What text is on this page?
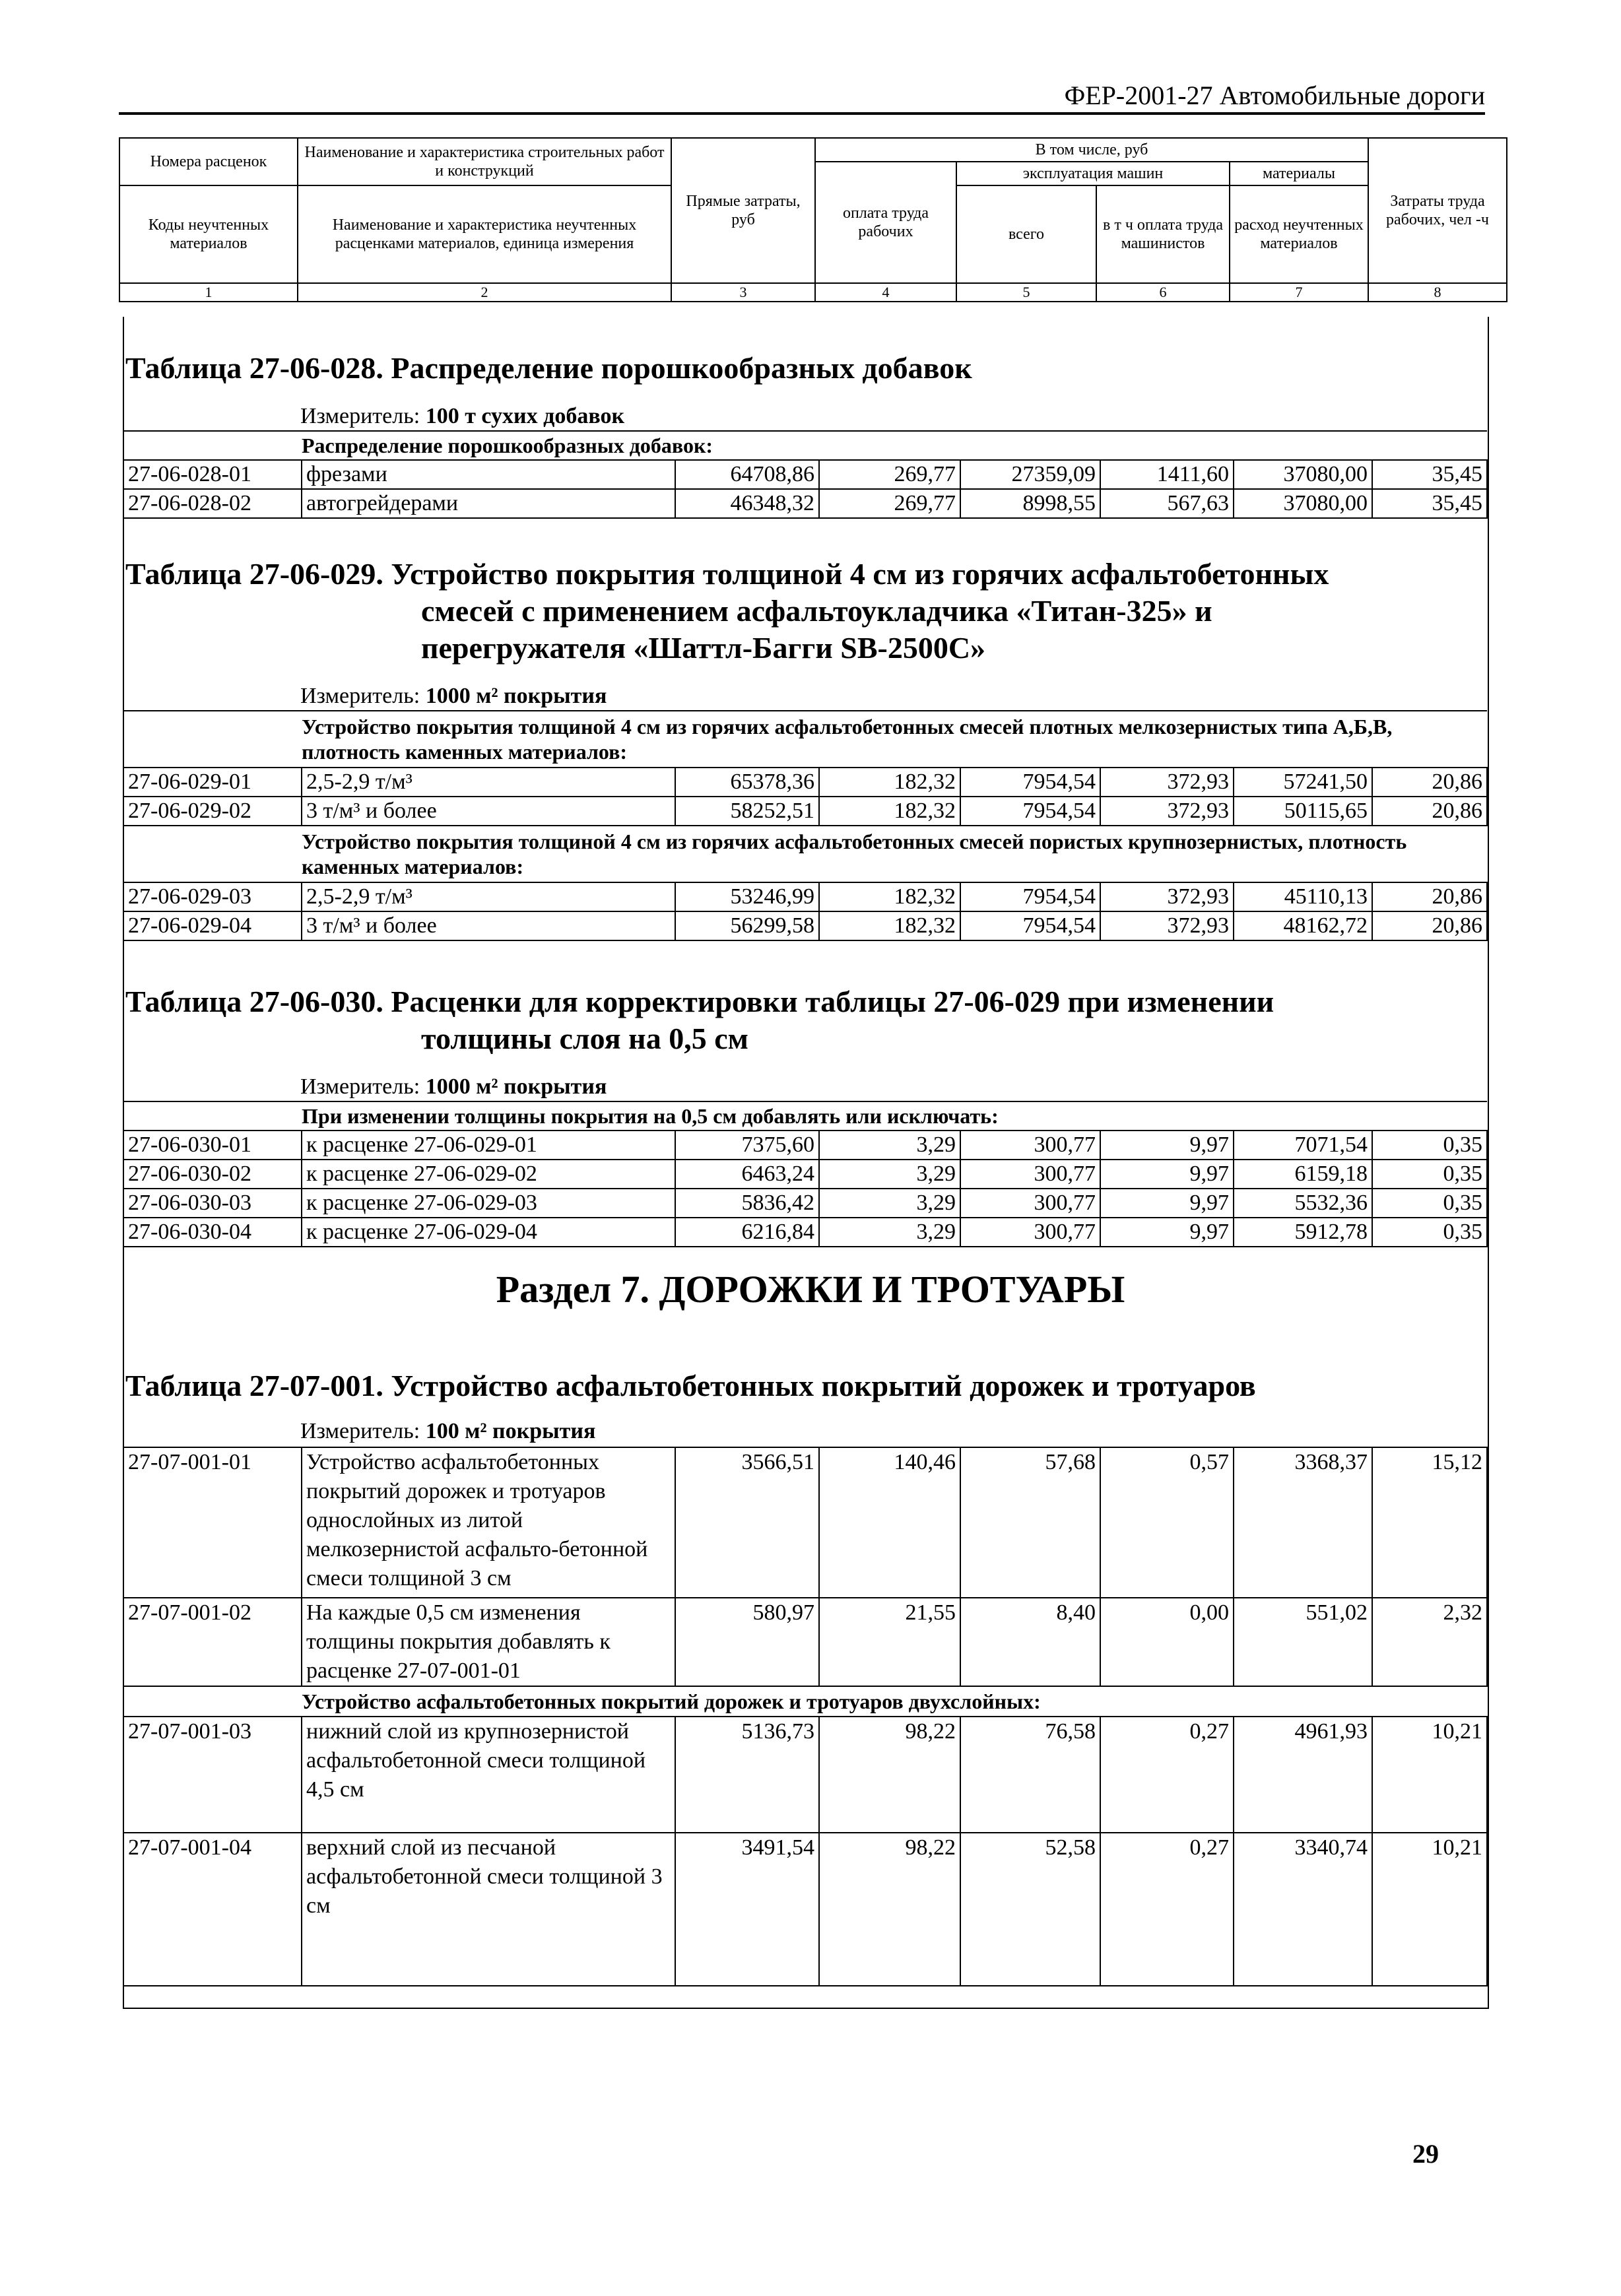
ФЕР-2001-27 Автомобильные дороги
Номера расценок	Наименование и характеристика строительных работ и конструкций	Прямые затраты, руб	В том числе, руб				Затраты труда рабочих, чел -ч
			оплата труда рабочих	эксплуатация машин		материалы	
Коды неучтенных материалов	Наименование и характеристика неучтенных расценками материалов, единица измерения			всего	в т ч оплата труда машинистов	расход неучтенных материалов	
1	2	3	4	5	6	7	8
Таблица 27-06-028. Распределение порошкообразных добавок
Измеритель: 100 т сухих добавок
Распределение порошкообразных добавок:							
27-06-028-01	фрезами	64708,86	269,77	27359,09	1411,60	37080,00	35,45
27-06-028-02	автогрейдерами	46348,32	269,77	8998,55	567,63	37080,00	35,45
Таблица 27-06-029. Устройство покрытия толщиной 4 см из горячих асфальтобетонных
смесей с применением асфальтоукладчика «Титан-325» и
перегружателя «Шаттл-Багги SB-2500C»
Измеритель: 1000 м² покрытия
Устройство покрытия толщиной 4 см из горячих асфальтобетонных смесей плотных мелкозернистых типа А,Б,В, плотность каменных материалов:							
27-06-029-01	2,5-2,9 т/м³	65378,36	182,32	7954,54	372,93	57241,50	20,86
27-06-029-02	3 т/м³ и более	58252,51	182,32	7954,54	372,93	50115,65	20,86
Устройство покрытия толщиной 4 см из горячих асфальтобетонных смесей пористых крупнозернистых, плотность каменных материалов:							
27-06-029-03	2,5-2,9 т/м³	53246,99	182,32	7954,54	372,93	45110,13	20,86
27-06-029-04	3 т/м³ и более	56299,58	182,32	7954,54	372,93	48162,72	20,86
Таблица 27-06-030. Расценки для корректировки таблицы 27-06-029 при изменении
толщины слоя на 0,5 см
Измеритель: 1000 м² покрытия
При изменении толщины покрытия на 0,5 см добавлять или исключать:							
27-06-030-01	к расценке 27-06-029-01	7375,60	3,29	300,77	9,97	7071,54	0,35
27-06-030-02	к расценке 27-06-029-02	6463,24	3,29	300,77	9,97	6159,18	0,35
27-06-030-03	к расценке 27-06-029-03	5836,42	3,29	300,77	9,97	5532,36	0,35
27-06-030-04	к расценке 27-06-029-04	6216,84	3,29	300,77	9,97	5912,78	0,35
Раздел 7. ДОРОЖКИ И ТРОТУАРЫ
Таблица 27-07-001. Устройство асфальтобетонных покрытий дорожек и тротуаров
Измеритель: 100 м² покрытия
27-07-001-01	Устройство асфальтобетонных покрытий дорожек и тротуаров однослойных из литой мелкозернистой асфальто-бетонной смеси толщиной 3 см	3566,51	140,46	57,68	0,57	3368,37	15,12
27-07-001-02	На каждые 0,5 см изменения толщины покрытия добавлять к расценке 27-07-001-01	580,97	21,55	8,40	0,00	551,02	2,32
Устройство асфальтобетонных покрытий дорожек и тротуаров двухслойных:							
27-07-001-03	нижний слой из крупнозернистой асфальтобетонной смеси толщиной 4,5 см	5136,73	98,22	76,58	0,27	4961,93	10,21
27-07-001-04	верхний слой из песчаной асфальтобетонной смеси толщиной 3 см	3491,54	98,22	52,58	0,27	3340,74	10,21
29
